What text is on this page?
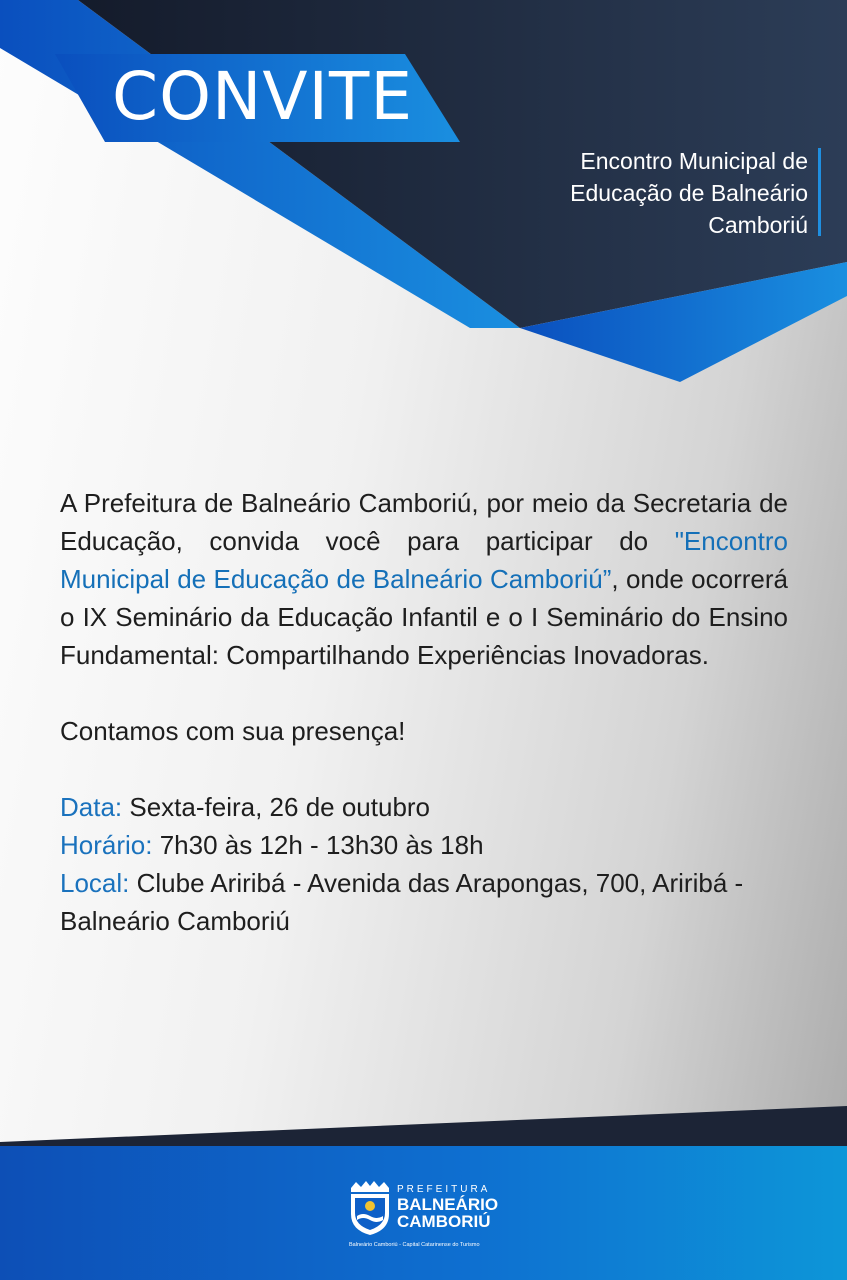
CONVITE
Encontro Municipal de Educação de Balneário Camboriú

A Prefeitura de Balneário Camboriú, por meio da Secretaria de Educação, convida você para participar do "Encontro Municipal de Educação de Balneário Camboriú”, onde ocorrerá o IX Seminário da Educação Infantil e o I Seminário do Ensino Fundamental: Compartilhando Experiências Inovadoras.

Contamos com sua presença!

Data: Sexta-feira, 26 de outubro

Horário: 7h30 às 12h - 13h30 às 18h

Local: Clube Ariribá - Avenida das Arapongas, 700, Ariribá - Balneário Camboriú

PREFEITURA
BALNEÁRIO
CAMBORIÚ
Balneário Camboriú - Capital Catarinense do Turismo
